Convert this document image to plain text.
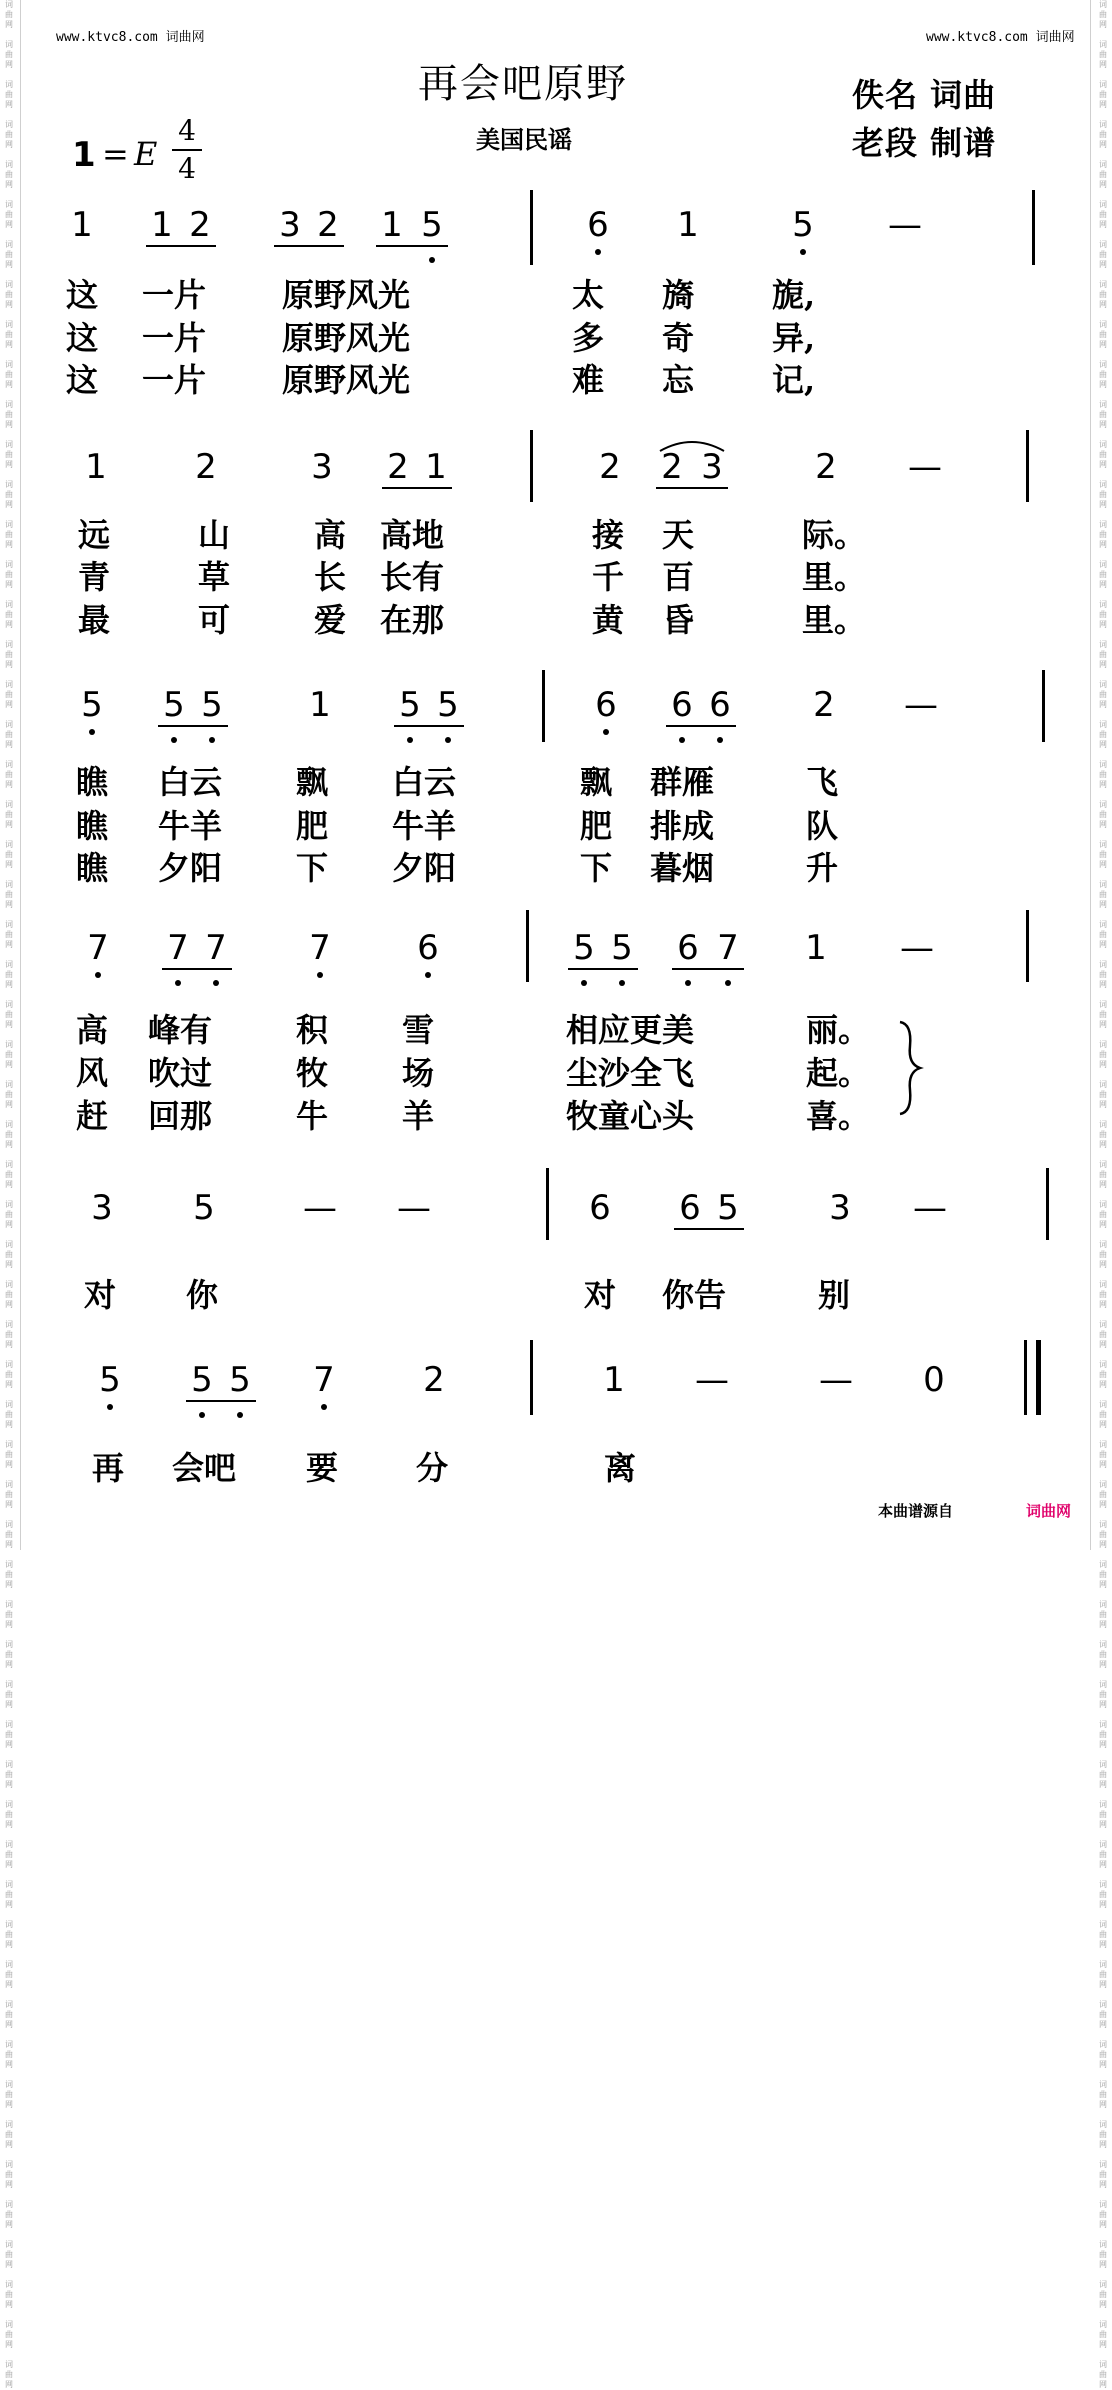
词
曲
网

词
曲
网

词
曲
网

词
曲
网

词
曲
网

词
曲
网

词
曲
网

词
曲
网

词
曲
网

词
曲
网

词
曲
网

词
曲
网

词
曲
网

词
曲
网

词
曲
网

词
曲
网

词
曲
网

词
曲
网

词
曲
网

词
曲
网

词
曲
网

词
曲
网

词
曲
网

词
曲
网

词
曲
网

词
曲
网

词
曲
网

词
曲
网

词
曲
网

词
曲
网

词
曲
网

词
曲
网

词
曲
网

词
曲
网

词
曲
网

词
曲
网

词
曲
网

词
曲
网

词
曲
网

词
曲
网

词
曲
网

词
曲
网

词
曲
网

词
曲
网

词
曲
网

词
曲
网

词
曲
网

词
曲
网

词
曲
网

词
曲
网

词
曲
网

词
曲
网

词
曲
网

词
曲
网

词
曲
网

词
曲
网

词
曲
网

词
曲
网

词
曲
网

词
曲
网

词
曲
网

词
曲
网

词
曲
网

词
曲
网

词
曲
网

词
曲
网

词
曲
网

词
曲
网

词
曲
网

词
曲
网

词
曲
网

词
曲
网

词
曲
网

词
曲
网

词
曲
网

词
曲
网

词
曲
网

词
曲
网

词
曲
网

词
曲
网

词
曲
网

词
曲
网

词
曲
网

词
曲
网

词
曲
网

词
曲
网

词
曲
网

词
曲
网

词
曲
网

词
曲
网

词
曲
网

词
曲
网

词
曲
网

词
曲
网

词
曲
网

词
曲
网

词
曲
网

词
曲
网

词
曲
网

词
曲
网

词
曲
网

词
曲
网

词
曲
网

词
曲
网

词
曲
网

词
曲
网

词
曲
网

词
曲
网

词
曲
网

词
曲
网

词
曲
网

词
曲
网

词
曲
网

词
曲
网

词
曲
网

词
曲
网

词
曲
网

词
曲
网

词
曲
网

词
曲
网

www.ktvc8.com 词曲网	www.ktvc8.com 词曲网
再会吧原野
美国民谣
佚名 词曲
老段 制谱
1 = E
4
4
1 1 2 3 2 1 5	6 1	5 —
这 一片 原野风光	太 旖 旎,
这 一片 原野风光	多 奇 异,
这 一片 原野风光	难 忘 记,
1	2	3 2 1	2 2 3	2 —
远	山	高 高地	接 天	际。
青	草	长 长有	千 百	里。
最	可	爱 在那	黄 昏	里。
5 5 5	1 5 5	6 6 6 2 —
瞧 白云 飘 白云	飘 群雁	飞
瞧 牛羊 肥 牛羊	肥 排成	队
瞧 夕阳 下 夕阳	下 暮烟	升
7 7 7 7	6	5 5 6 7 1 —
高 峰有	积 雪	相应更美	丽。
风 吹过	牧 场	尘沙全飞	起。
赶 回那	牛 羊	牧童心头	喜。
3 5	— —	6 6 5	3 —
对 你	对 你告	别
5 5 5 7	2	1 —	— 0
再 会吧 要 分	离
本曲谱源自	词曲网
